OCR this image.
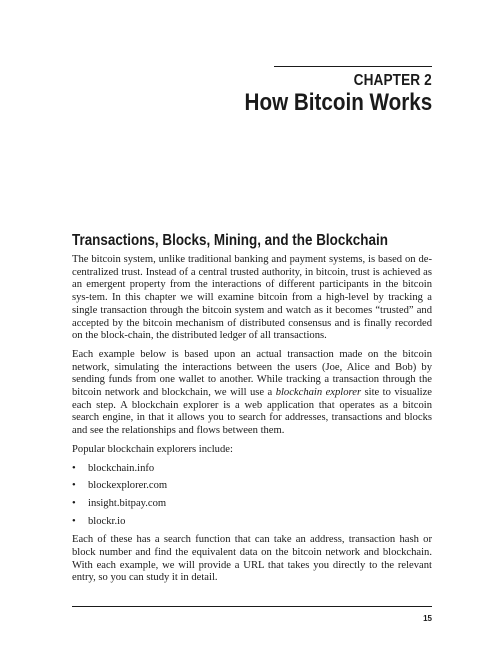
CHAPTER 2
How Bitcoin Works
Transactions, Blocks, Mining, and the Blockchain

The bitcoin system, unlike traditional banking and payment systems, is based on de-centralized trust. Instead of a central trusted authority, in bitcoin, trust is achieved as an emergent property from the interactions of different participants in the bitcoin sys-tem. In this chapter we will examine bitcoin from a high-level by tracking a single transaction through the bitcoin system and watch as it becomes “trusted” and accepted by the bitcoin mechanism of distributed consensus and is finally recorded on the block-chain, the distributed ledger of all transactions.

Each example below is based upon an actual transaction made on the bitcoin network, simulating the interactions between the users (Joe, Alice and Bob) by sending funds from one wallet to another. While tracking a transaction through the bitcoin network and blockchain, we will use a blockchain explorer site to visualize each step. A blockchain explorer is a web application that operates as a bitcoin search engine, in that it allows you to search for addresses, transactions and blocks and see the relationships and flows between them.

Popular blockchain explorers include:

• blockchain.info
• blockexplorer.com
• insight.bitpay.com
• blockr.io

Each of these has a search function that can take an address, transaction hash or block number and find the equivalent data on the bitcoin network and blockchain. With each example, we will provide a URL that takes you directly to the relevant entry, so you can study it in detail.

15
